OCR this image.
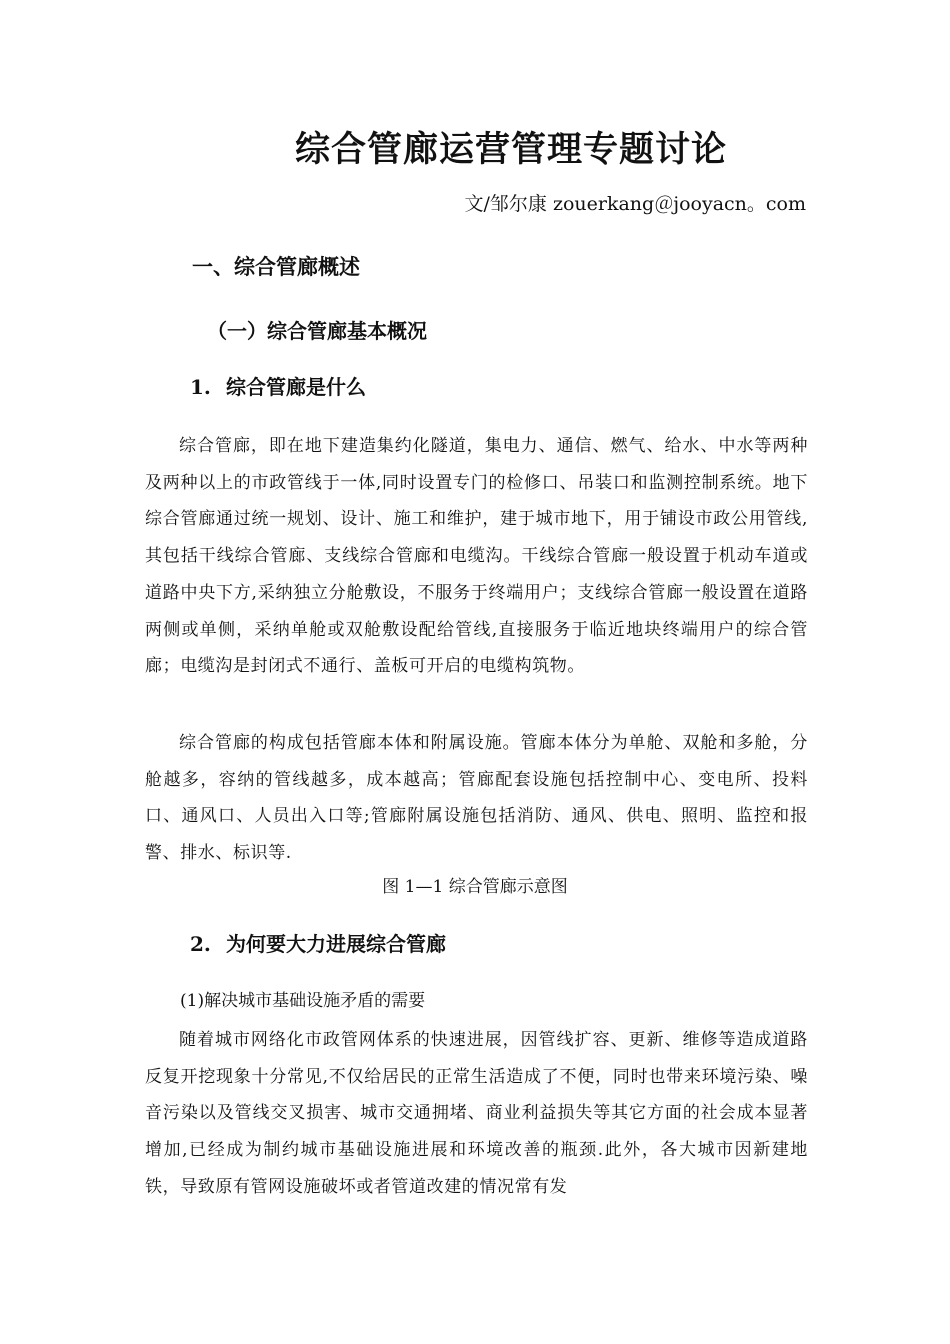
综合管廊运营管理专题讨论
文/邹尔康 zouerkang＠jooyacn。com
一、综合管廊概述
（一）综合管廊基本概况
1. 综合管廊是什么

综合管廊，即在地下建造集约化隧道，集电力、通信、燃气、给水、中水等两种及两种以上的市政管线于一体,同时设置专门的检修口、吊装口和监测控制系统。地下综合管廊通过统一规划、设计、施工和维护，建于城市地下，用于铺设市政公用管线,其包括干线综合管廊、支线综合管廊和电缆沟。干线综合管廊一般设置于机动车道或道路中央下方,采纳独立分舱敷设，不服务于终端用户；支线综合管廊一般设置在道路两侧或单侧，采纳单舱或双舱敷设配给管线,直接服务于临近地块终端用户的综合管廊；电缆沟是封闭式不通行、盖板可开启的电缆构筑物。

综合管廊的构成包括管廊本体和附属设施。管廊本体分为单舱、双舱和多舱，分舱越多，容纳的管线越多，成本越高；管廊配套设施包括控制中心、变电所、投料口、通风口、人员出入口等;管廊附属设施包括消防、通风、供电、照明、监控和报警、排水、标识等.

图 1—1 综合管廊示意图
2. 为何要大力进展综合管廊
(1)解决城市基础设施矛盾的需要

随着城市网络化市政管网体系的快速进展，因管线扩容、更新、维修等造成道路反复开挖现象十分常见,不仅给居民的正常生活造成了不便，同时也带来环境污染、噪音污染以及管线交叉损害、城市交通拥堵、商业利益损失等其它方面的社会成本显著增加,已经成为制约城市基础设施进展和环境改善的瓶颈.此外，各大城市因新建地铁，导致原有管网设施破坏或者管道改建的情况常有发
